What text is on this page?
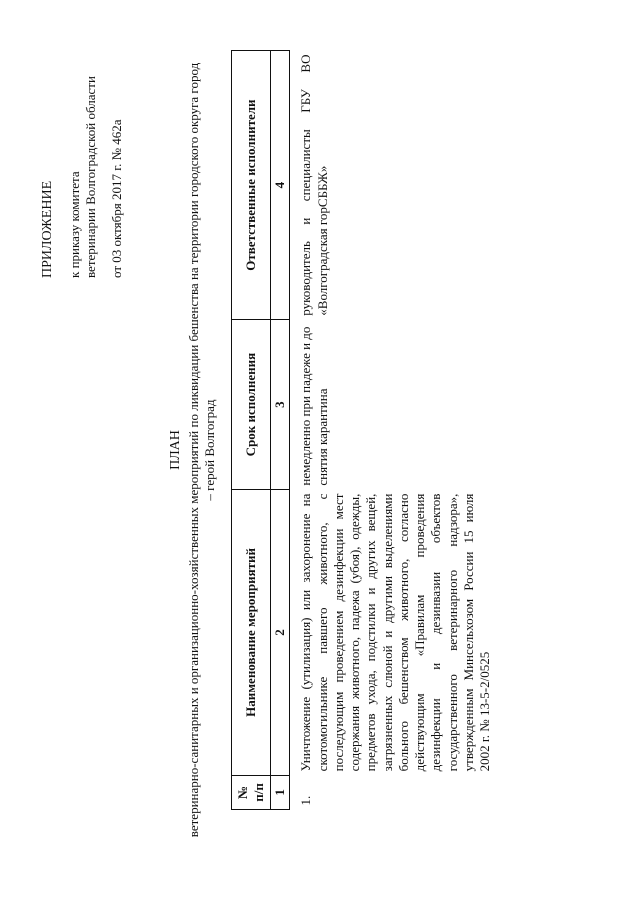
ПРИЛОЖЕНИЕ к приказу комитета ветеринарии Волгоградской области от 03 октября 2017 г. № 462а
ПЛАН ветеринарно-санитарных и организационно-хозяйственных мероприятий по ликвидации бешенства на территории городского округа город – герой Волгоград
№ п/п	Наименование мероприятий	Срок исполнения	Ответственные исполнители
1	2	3	4
1.	Уничтожение (утилизация) или захоронение на скотомогильнике павшего животного, с последующим проведением дезинфекции мест содержания животного, падежа (убоя), одежды, предметов ухода, подстилки и других вещей, загрязненных слюной и другими выделениями больного бешенством животного, согласно действующим «Правилам проведения дезинфекции и дезинвазии объектов государственного ветеринарного надзора», утвержденным Минсельхозом России 15 июля 2002 г. № 13-5-2/0525	немедленно при падеже и до снятия карантина	руководитель и специалисты ГБУ ВО «Волгоградская горСББЖ»
